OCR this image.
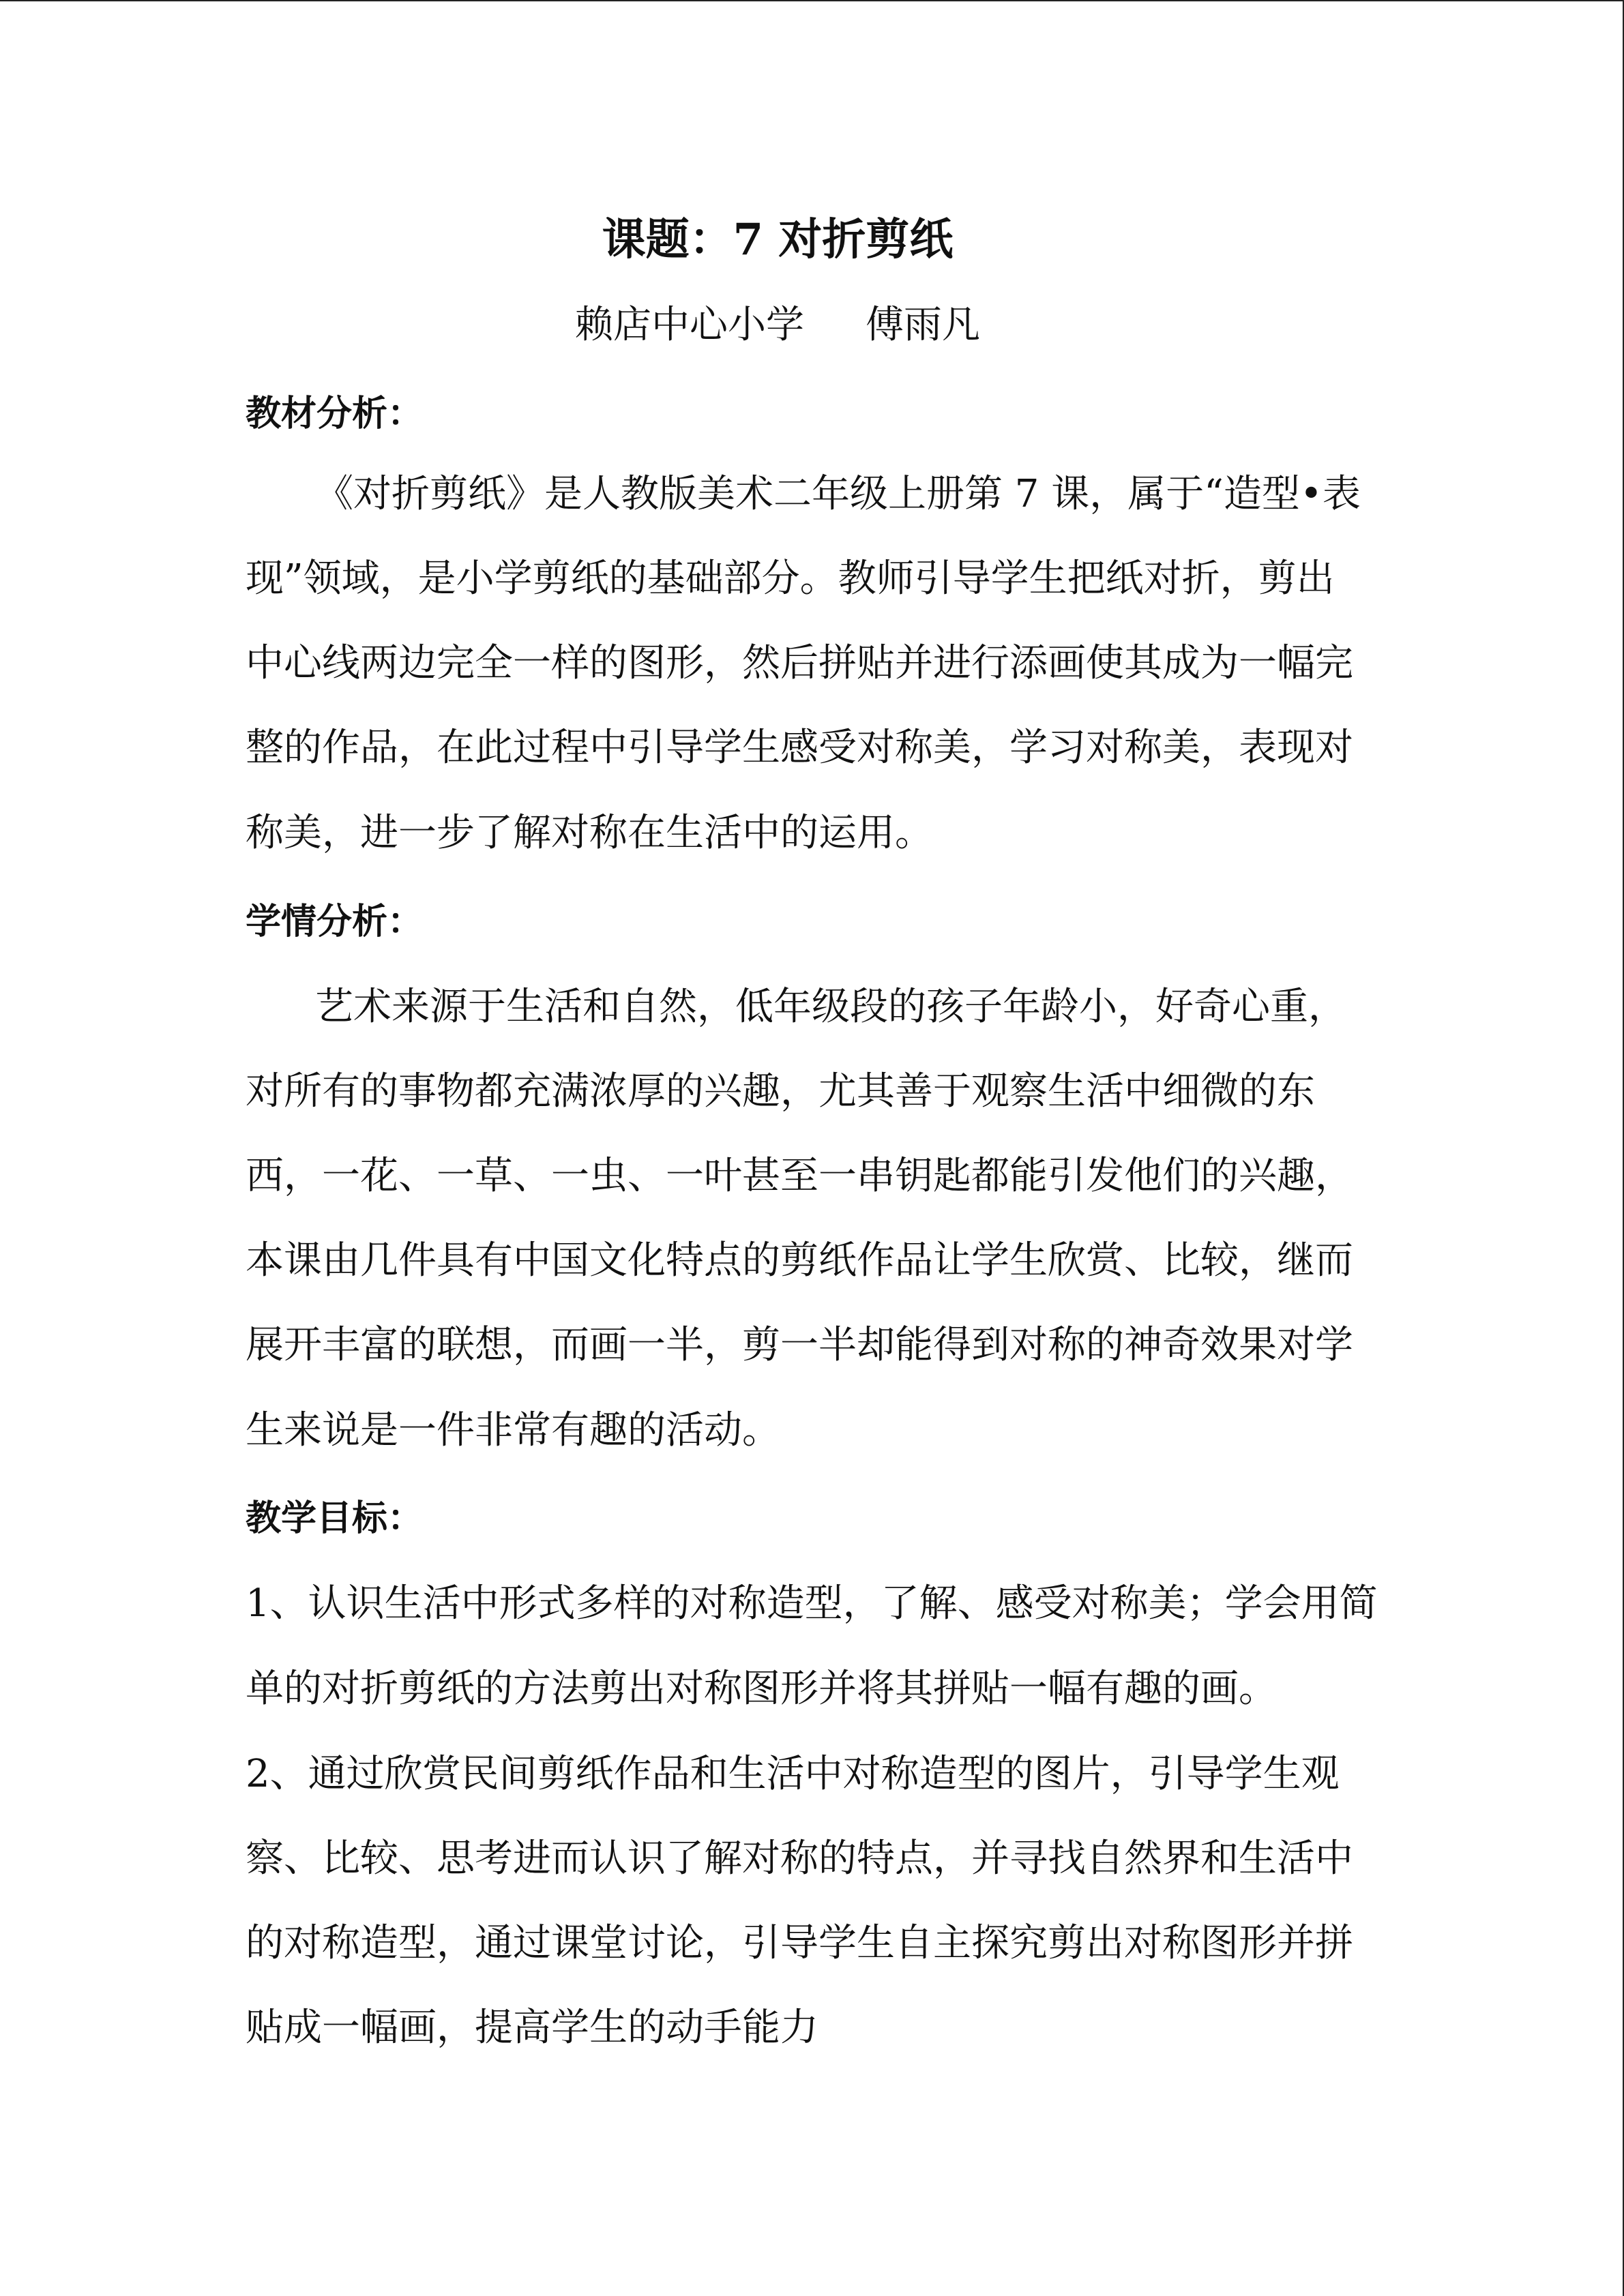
课题：7 对折剪纸
赖店中心小学 傅雨凡
教材分析：
《对折剪纸》是人教版美术二年级上册第 7 课，属于“造型•表
现”领域，是小学剪纸的基础部分。教师引导学生把纸对折，剪出
中心线两边完全一样的图形，然后拼贴并进行添画使其成为一幅完
整的作品，在此过程中引导学生感受对称美，学习对称美，表现对
称美，进一步了解对称在生活中的运用。
学情分析：
艺术来源于生活和自然，低年级段的孩子年龄小，好奇心重，
对所有的事物都充满浓厚的兴趣，尤其善于观察生活中细微的东
西，一花、一草、一虫、一叶甚至一串钥匙都能引发他们的兴趣，
本课由几件具有中国文化特点的剪纸作品让学生欣赏、比较，继而
展开丰富的联想，而画一半，剪一半却能得到对称的神奇效果对学
生来说是一件非常有趣的活动。
教学目标：
1、认识生活中形式多样的对称造型，了解、感受对称美；学会用简
单的对折剪纸的方法剪出对称图形并将其拼贴一幅有趣的画。
2、通过欣赏民间剪纸作品和生活中对称造型的图片，引导学生观
察、比较、思考进而认识了解对称的特点，并寻找自然界和生活中
的对称造型，通过课堂讨论，引导学生自主探究剪出对称图形并拼
贴成一幅画，提高学生的动手能力
